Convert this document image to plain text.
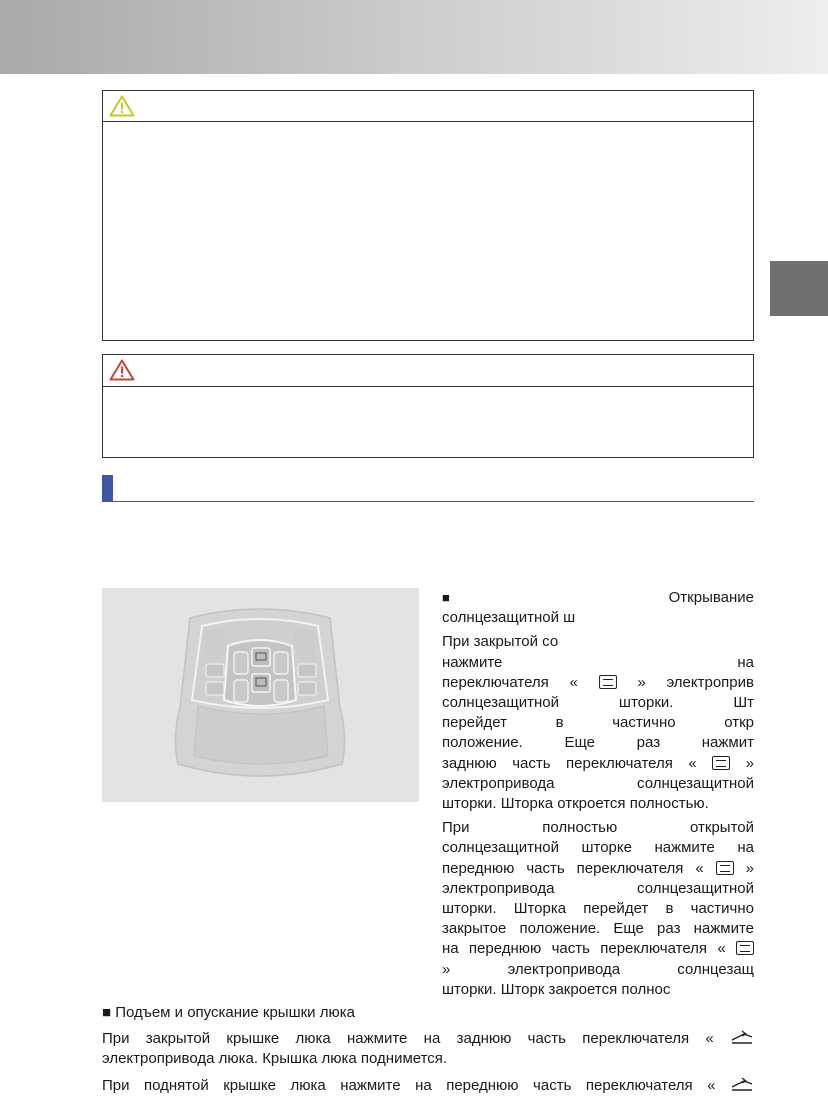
■	Открывание
солнцезащитной ш
При закрытой со
нажмите	на
переключателя «	» электроприв
солнцезащитной шторки. Шт
перейдет в частично откр
положение. Еще раз нажмит
заднюю часть переключателя «	»
электропривода солнцезащитной
шторки. Шторка откроется полностью.
При полностью открытой
солнцезащитной шторке нажмите на
переднюю часть переключателя «	»
электропривода солнцезащитной
шторки. Шторка перейдет в частично
закрытое положение. Еще раз нажмите
на переднюю часть переключателя «
»	электропривода солнцезащ
шторки. Шторк закроется полнос
■ Подъем и опускание крышки люка
При закрытой крышке люка нажмите на заднюю часть переключателя «
электропривода люка. Крышка люка поднимется.
При поднятой крышке люка нажмите на переднюю часть переключателя «
